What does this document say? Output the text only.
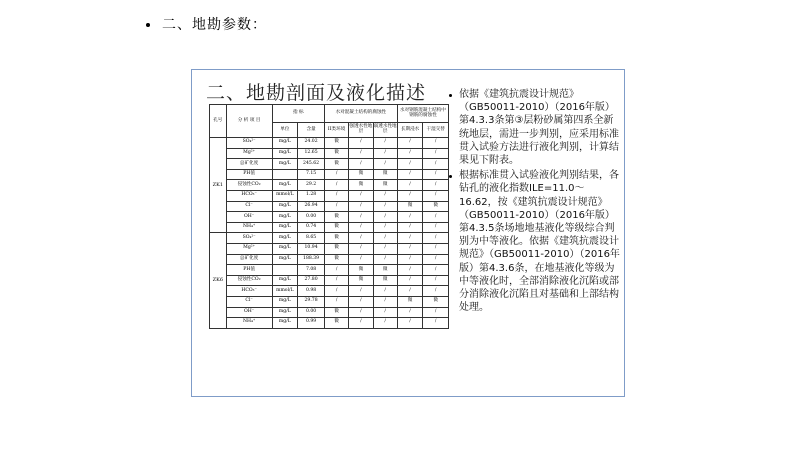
二、地勘参数：
二、地勘剖面及液化描述
孔号	分 析 项 目	指 标		水对混凝土结构的腐蚀性			水对钢筋混凝土结构中钢筋的腐蚀性	
		单位	含量	II类环境	强透水性地层	弱透水性地层	长期浸水	干湿交替
ZK1	SO₄²⁻	mg/L	24.02	微	/	/	/	/
	Mg²⁺	mg/L	12.65	微	/	/	/	/
	总矿化度	mg/L	245.62	微	/	/	/	/
	PH值		7.15	/	微	微	/	/
	侵蚀性CO₂	mg/L	29.2	/	微	微	/	/
	HCO₃⁻	mmol/L	1.28	/	/	/	/	/
	Cl⁻	mg/L	26.94	/	/	/	微	微
	OH⁻	mg/L	0.00	微	/	/	/	/
	NH₄⁺	mg/L	0.74	微	/	/	/	/
ZK6	SO₄²⁻	mg/L	8.65	微	/	/	/	/
	Mg²⁺	mg/L	10.94	微	/	/	/	/
	总矿化度	mg/L	188.39	微	/	/	/	/
	PH值		7.08	/	微	微	/	/
	侵蚀性CO₂	mg/L	27.80	/	微	微	/	/
	HCO₃⁻	mmol/L	0.98	/	/	/	/	/
	Cl⁻	mg/L	29.78	/	/	/	微	微
	OH⁻	mg/L	0.00	微	/	/	/	/
	NH₄⁺	mg/L	0.99	微	/	/	/	/
依据《建筑抗震设计规范》（GB50011-2010）（2016年版）第4.3.3条第③层粉砂属第四系全新统地层，需进一步判别，应采用标准贯入试验方法进行液化判别，计算结果见下附表。
根据标准贯入试验液化判别结果，各钻孔的液化指数ILE=11.0～16.62，按《建筑抗震设计规范》（GB50011-2010）（2016年版）第4.3.5条场地地基液化等级综合判别为中等液化。依据《建筑抗震设计规范》（GB50011-2010）（2016年版）第4.3.6条，在地基液化等级为中等液化时，全部消除液化沉陷或部分消除液化沉陷且对基础和上部结构处理。
